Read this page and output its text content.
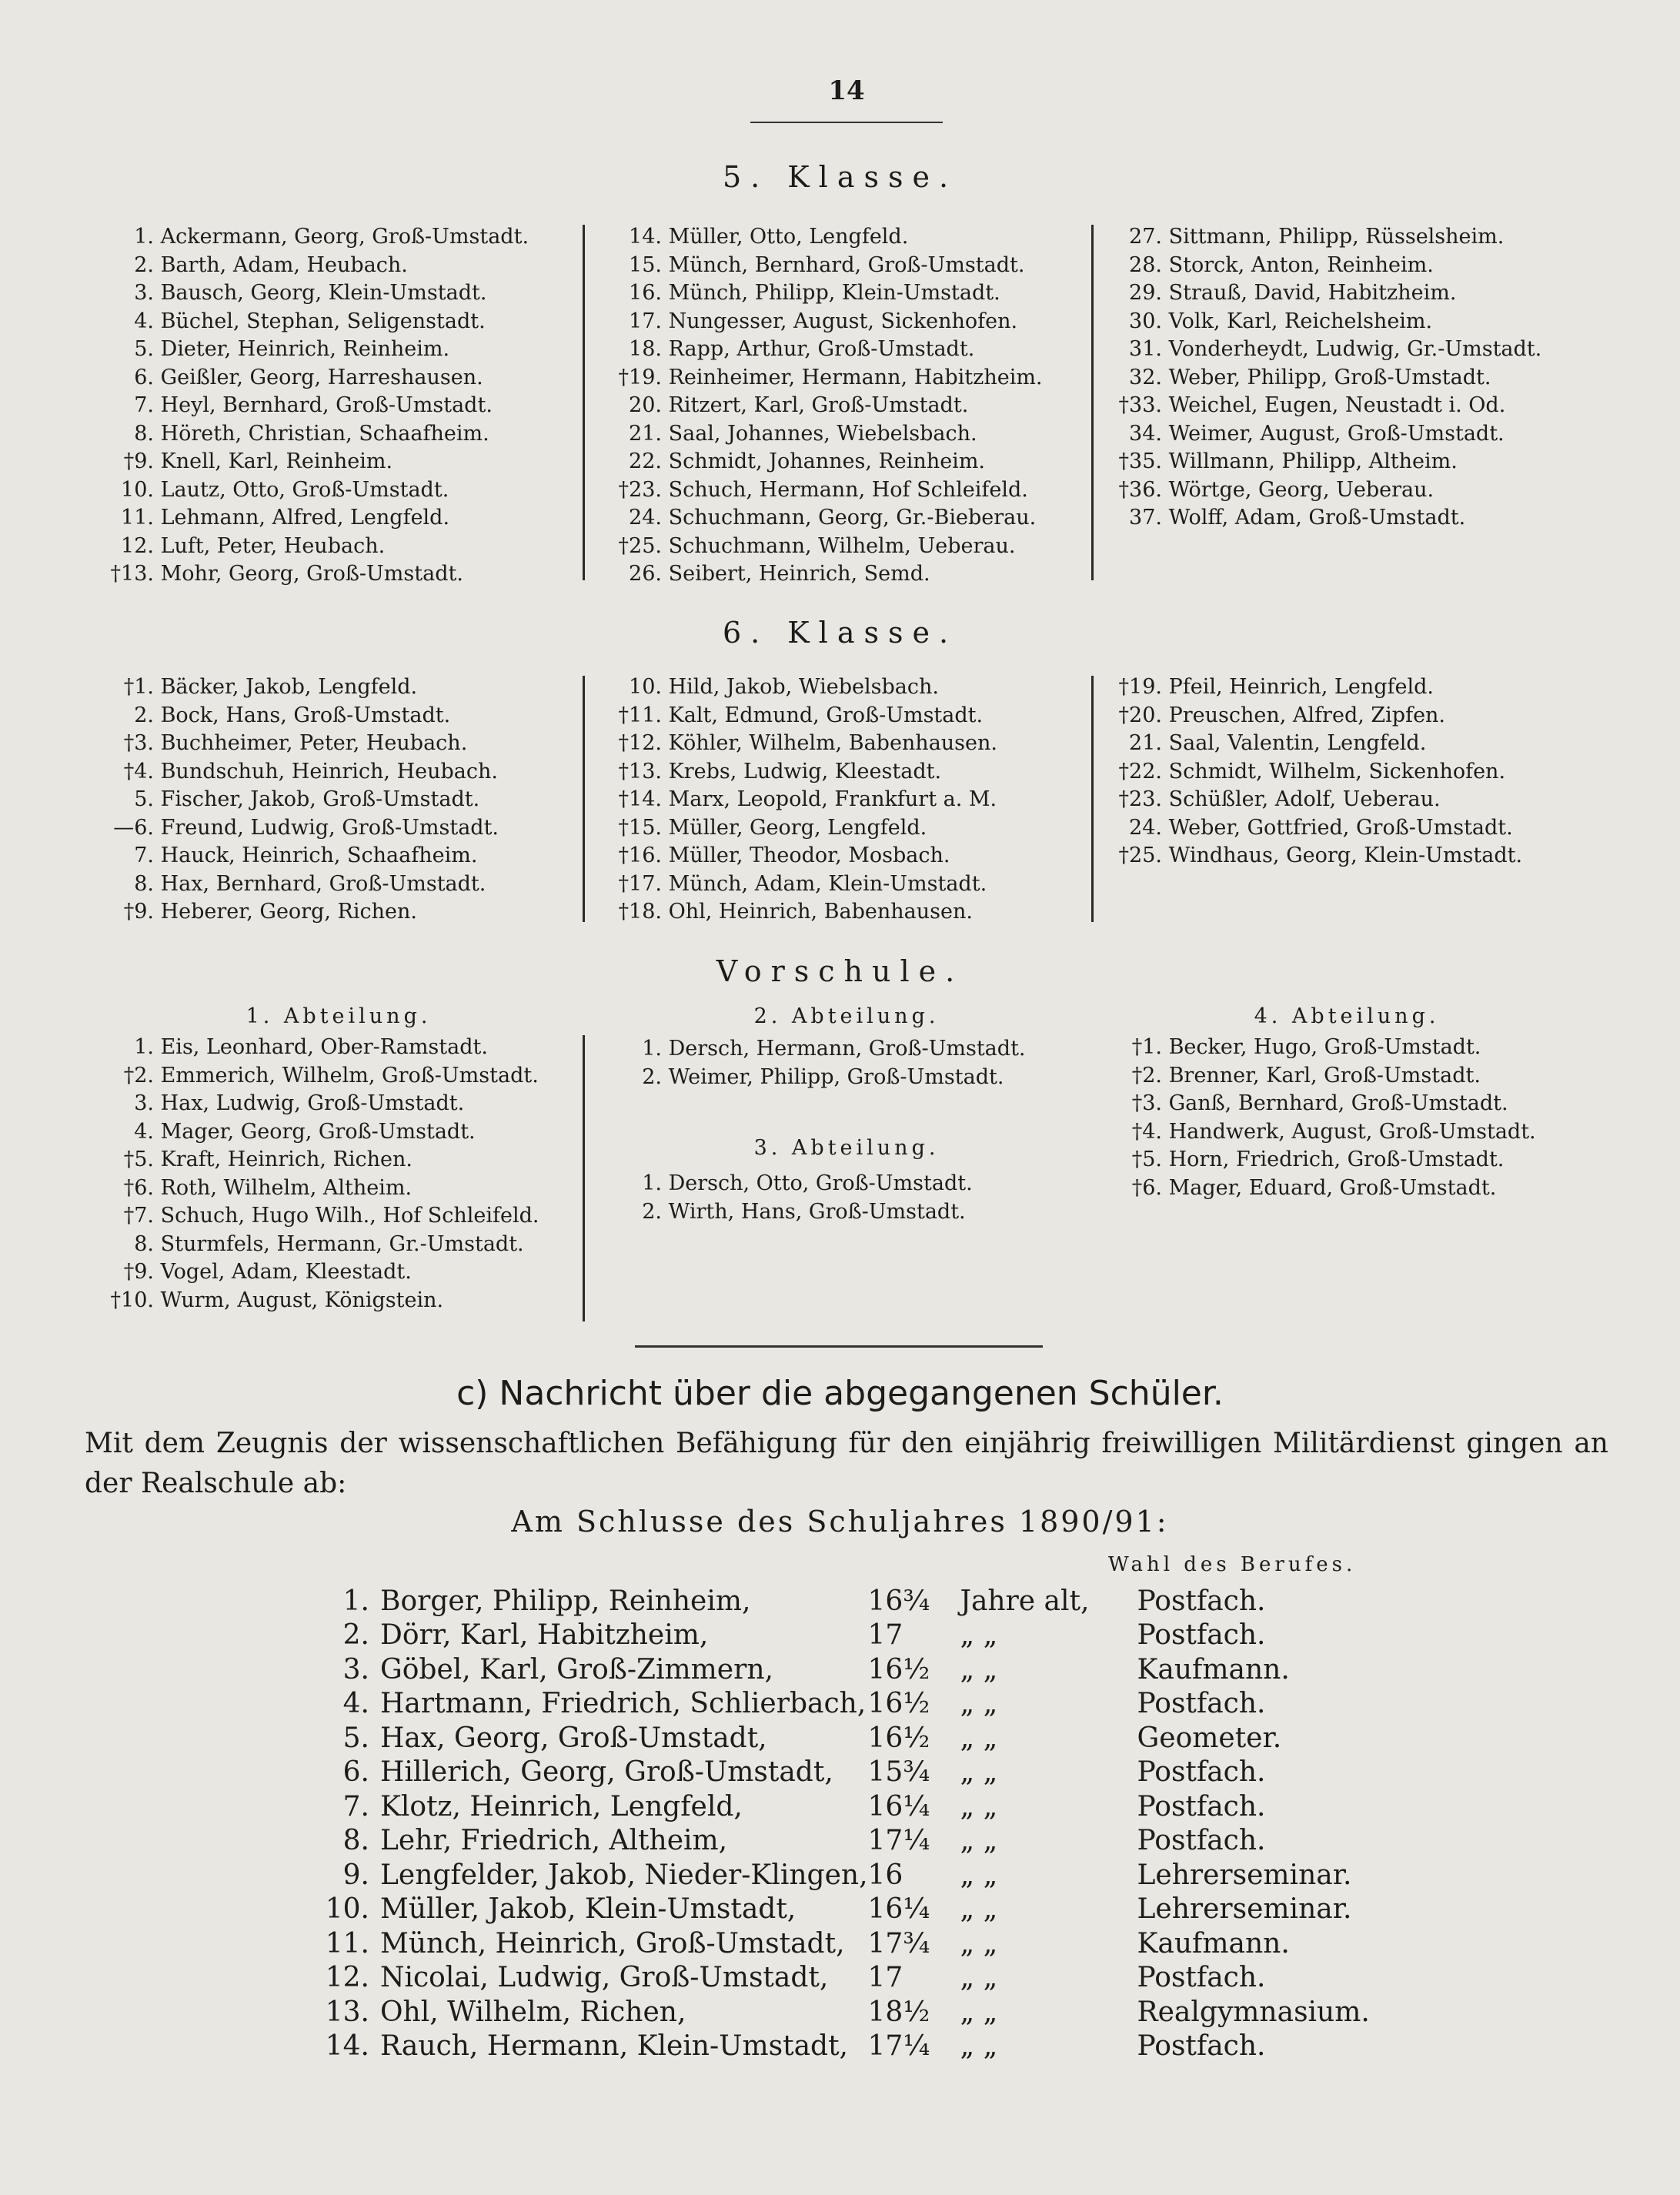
14
5. Klasse.
1. Ackermann, Georg, Groß-Umstadt.
2. Barth, Adam, Heubach.
3. Bausch, Georg, Klein-Umstadt.
4. Büchel, Stephan, Seligenstadt.
5. Dieter, Heinrich, Reinheim.
6. Geißler, Georg, Harreshausen.
7. Heyl, Bernhard, Groß-Umstadt.
8. Höreth, Christian, Schaafheim.
†9. Knell, Karl, Reinheim.
10. Lautz, Otto, Groß-Umstadt.
11. Lehmann, Alfred, Lengfeld.
12. Luft, Peter, Heubach.
†13. Mohr, Georg, Groß-Umstadt.
14. Müller, Otto, Lengfeld.
15. Münch, Bernhard, Groß-Umstadt.
16. Münch, Philipp, Klein-Umstadt.
17. Nungesser, August, Sickenhofen.
18. Rapp, Arthur, Groß-Umstadt.
†19. Reinheimer, Hermann, Habitzheim.
20. Ritzert, Karl, Groß-Umstadt.
21. Saal, Johannes, Wiebelsbach.
22. Schmidt, Johannes, Reinheim.
†23. Schuch, Hermann, Hof Schleifeld.
24. Schuchmann, Georg, Gr.-Bieberau.
†25. Schuchmann, Wilhelm, Ueberau.
26. Seibert, Heinrich, Semd.
27. Sittmann, Philipp, Rüsselsheim.
28. Storck, Anton, Reinheim.
29. Strauß, David, Habitzheim.
30. Volk, Karl, Reichelsheim.
31. Vonderheydt, Ludwig, Gr.-Umstadt.
32. Weber, Philipp, Groß-Umstadt.
†33. Weichel, Eugen, Neustadt i. Od.
34. Weimer, August, Groß-Umstadt.
†35. Willmann, Philipp, Altheim.
†36. Wörtge, Georg, Ueberau.
37. Wolff, Adam, Groß-Umstadt.
6. Klasse.
†1. Bäcker, Jakob, Lengfeld.
2. Bock, Hans, Groß-Umstadt.
†3. Buchheimer, Peter, Heubach.
†4. Bundschuh, Heinrich, Heubach.
5. Fischer, Jakob, Groß-Umstadt.
—6. Freund, Ludwig, Groß-Umstadt.
7. Hauck, Heinrich, Schaafheim.
8. Hax, Bernhard, Groß-Umstadt.
†9. Heberer, Georg, Richen.
10. Hild, Jakob, Wiebelsbach.
†11. Kalt, Edmund, Groß-Umstadt.
†12. Köhler, Wilhelm, Babenhausen.
†13. Krebs, Ludwig, Kleestadt.
†14. Marx, Leopold, Frankfurt a. M.
†15. Müller, Georg, Lengfeld.
†16. Müller, Theodor, Mosbach.
†17. Münch, Adam, Klein-Umstadt.
†18. Ohl, Heinrich, Babenhausen.
†19. Pfeil, Heinrich, Lengfeld.
†20. Preuschen, Alfred, Zipfen.
21. Saal, Valentin, Lengfeld.
†22. Schmidt, Wilhelm, Sickenhofen.
†23. Schüßler, Adolf, Ueberau.
24. Weber, Gottfried, Groß-Umstadt.
†25. Windhaus, Georg, Klein-Umstadt.
Vorschule.
1. Abteilung.
1. Eis, Leonhard, Ober-Ramstadt.
†2. Emmerich, Wilhelm, Groß-Umstadt.
3. Hax, Ludwig, Groß-Umstadt.
4. Mager, Georg, Groß-Umstadt.
†5. Kraft, Heinrich, Richen.
†6. Roth, Wilhelm, Altheim.
†7. Schuch, Hugo Wilh., Hof Schleifeld.
8. Sturmfels, Hermann, Gr.-Umstadt.
†9. Vogel, Adam, Kleestadt.
†10. Wurm, August, Königstein.
2. Abteilung.
1. Dersch, Hermann, Groß-Umstadt.
2. Weimer, Philipp, Groß-Umstadt.
3. Abteilung.
1. Dersch, Otto, Groß-Umstadt.
2. Wirth, Hans, Groß-Umstadt.
4. Abteilung.
†1. Becker, Hugo, Groß-Umstadt.
†2. Brenner, Karl, Groß-Umstadt.
†3. Ganß, Bernhard, Groß-Umstadt.
†4. Handwerk, August, Groß-Umstadt.
†5. Horn, Friedrich, Groß-Umstadt.
†6. Mager, Eduard, Groß-Umstadt.
c) Nachricht über die abgegangenen Schüler.
Mit dem Zeugnis der wissenschaftlichen Befähigung für den einjährig freiwilligen Militärdienst gingen an der Realschule ab:
Am Schlusse des Schuljahres 1890/91:
Wahl des Berufes.
1.	Borger, Philipp, Reinheim,	16¾	Jahre alt,	Postfach.
2.	Dörr, Karl, Habitzheim,	17	„ „	Postfach.
3.	Göbel, Karl, Groß-Zimmern,	16½	„ „	Kaufmann.
4.	Hartmann, Friedrich, Schlierbach,	16½	„ „	Postfach.
5.	Hax, Georg, Groß-Umstadt,	16½	„ „	Geometer.
6.	Hillerich, Georg, Groß-Umstadt,	15¾	„ „	Postfach.
7.	Klotz, Heinrich, Lengfeld,	16¼	„ „	Postfach.
8.	Lehr, Friedrich, Altheim,	17¼	„ „	Postfach.
9.	Lengfelder, Jakob, Nieder-Klingen,	16	„ „	Lehrerseminar.
10.	Müller, Jakob, Klein-Umstadt,	16¼	„ „	Lehrerseminar.
11.	Münch, Heinrich, Groß-Umstadt,	17¾	„ „	Kaufmann.
12.	Nicolai, Ludwig, Groß-Umstadt,	17	„ „	Postfach.
13.	Ohl, Wilhelm, Richen,	18½	„ „	Realgymnasium.
14.	Rauch, Hermann, Klein-Umstadt,	17¼	„ „	Postfach.
